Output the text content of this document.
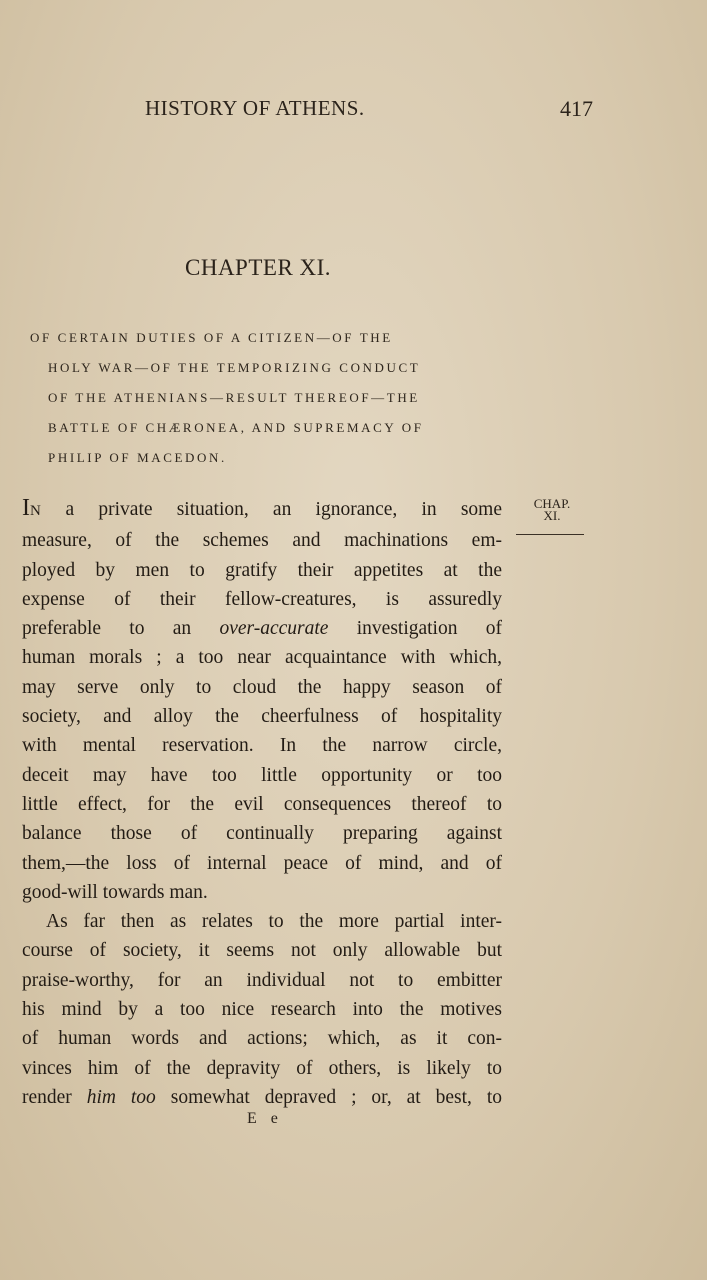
HISTORY OF ATHENS.	417
CHAPTER XI.
OF CERTAIN DUTIES OF A CITIZEN—OF THE
HOLY WAR—OF THE TEMPORIZING CONDUCT
OF THE ATHENIANS—RESULT THEREOF—THE
BATTLE OF CHÆRONEA, AND SUPREMACY OF
PHILIP OF MACEDON.
CHAP.
XI.
IN a private situation, an ignorance, in some
measure, of the schemes and machinations em-
ployed by men to gratify their appetites at the
expense of their fellow-creatures, is assuredly
preferable to an over-accurate investigation of
human morals ; a too near acquaintance with which,
may serve only to cloud the happy season of
society, and alloy the cheerfulness of hospitality
with mental reservation. In the narrow circle,
deceit may have too little opportunity or too
little effect, for the evil consequences thereof to
balance those of continually preparing against
them,—the loss of internal peace of mind, and of
good-will towards man.
As far then as relates to the more partial inter-
course of society, it seems not only allowable but
praise-worthy, for an individual not to embitter
his mind by a too nice research into the motives
of human words and actions; which, as it con-
vinces him of the depravity of others, is likely to
render him too somewhat depraved ; or, at best, to
E e
